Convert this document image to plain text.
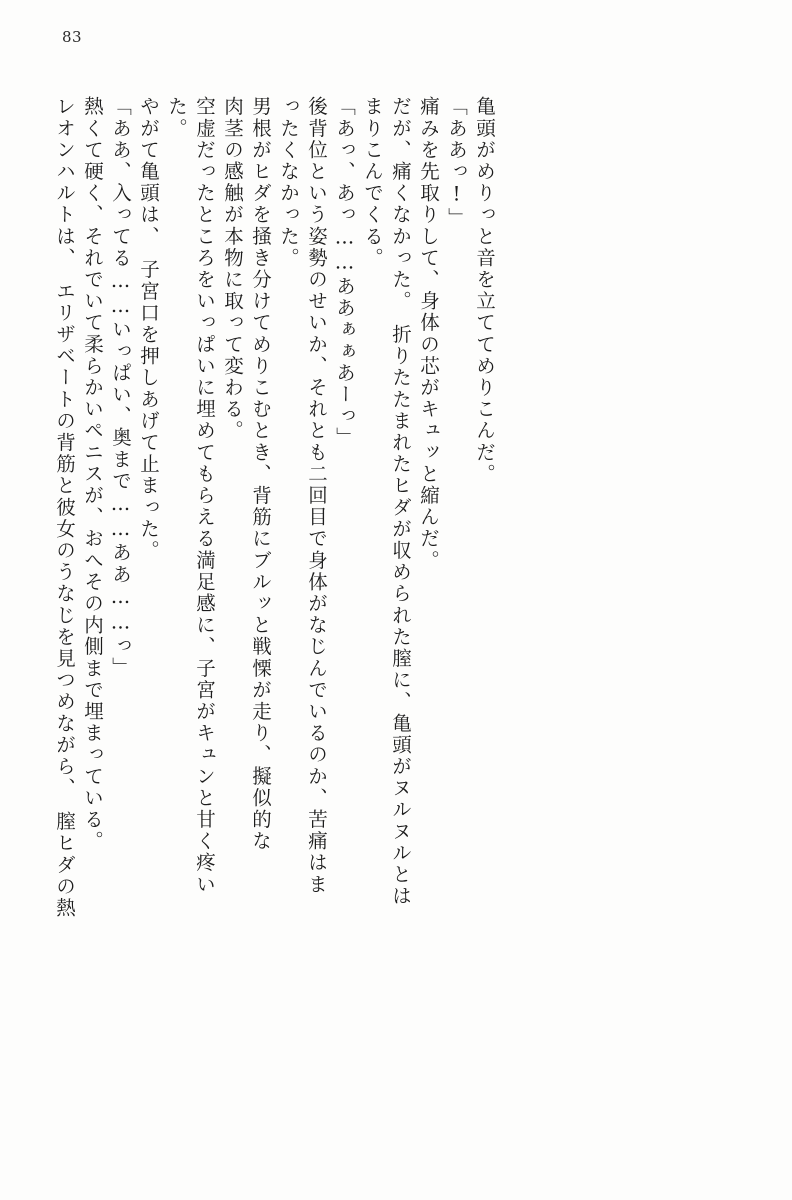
83
レオンハルトは、　エリザベートの背筋と彼女のうなじを見つめながら、　膣ヒダの熱 熱くて硬く、それでいて柔らかいペニスが、おへその内側まで埋まっている。 「ああ、入ってる……いっぱい、奥まで……ああ……っ」 やがて亀頭は、　子宮口を押しあげて止まった。 た。 空虚だったところをいっぱいに埋めてもらえる満足感に、子宮がキュンと甘く疼い 肉茎の感触が本物に取って変わる。 男根がヒダを掻き分けてめりこむとき、背筋にブルッと戦慄が走り、擬似的な ったくなかった。 後背位という姿勢のせいか、それとも二回目で身体がなじんでいるのか、苦痛はま 「あっ、あっ……ああぁぁあーっ」 まりこんでくる。 だが、痛くなかった。　折りたたまれたヒダが収められた膣に、亀頭がヌルヌルとは 痛みを先取りして、身体の芯がキュッと縮んだ。 「ああっ!」 亀頭がめりっと音を立ててめりこんだ。
